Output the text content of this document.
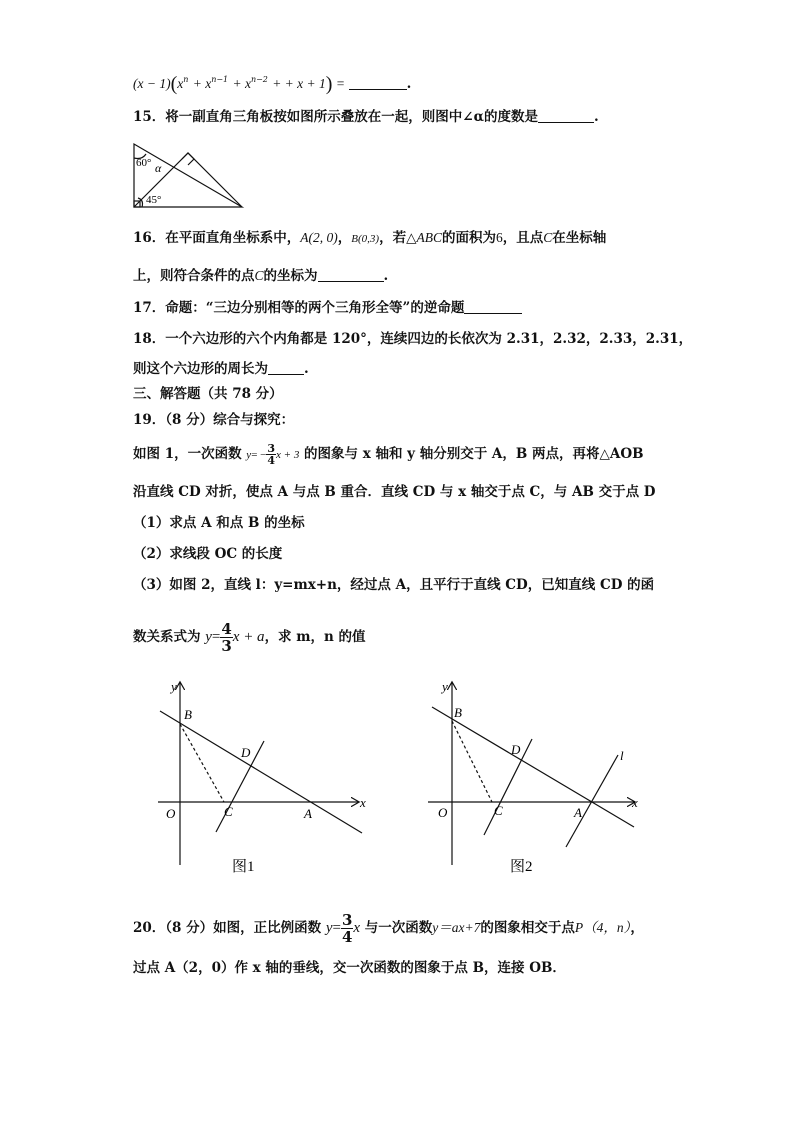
$(x - 1)(x^n + x^{n-1} + x^{n-2}$ + + x + 1) =	.
15．将一副直角三角板按如图所示叠放在一起，则图中∠α的度数是	.
60° α
45°
16．在平面直角坐标系中，A(2, 0)，B(0,3)，若△ABC的面积为6，且点C在坐标轴
上，则符合条件的点C的坐标为	.
17．命题：“三边分别相等的两个三角形全等”的逆命题
18．一个六边形的六个内角都是 120°，连续四边的长依次为 2.31，2.32，2.33，2.31，
则这个六边形的周长为	.
三、解答题（共 78 分）
19．（8 分）综合与探究：
如图 1，一次函数 $y= - \frac{3}{4}$ x + 3 的图象与 x 轴和 y 轴分别交于 A，B 两点，再将△AOB
沿直线 CD 对折，使点 A 与点 B 重合．直线 CD 与 x 轴交于点 C，与 AB 交于点 D
（1）求点 A 和点 B 的坐标
（2）求线段 OC 的长度
（3）如图 2，直线 l：y=mx+n，经过点 A，且平行于直线 CD，已知直线 CD 的函
数关系式为 $y= \frac{4}{3}$ x + a，求 m，n 的值
y
x
B
D
O	C	A
图1
y
x
B
D
O	C	A
l
图2
20．（8 分）如图，正比例函数 $y= \frac{3}{4}$ x 与一次函数y＝ax+7的图象相交于点P（4，n），
过点 A（2，0）作 x 轴的垂线，交一次函数的图象于点 B，连接 OB．
